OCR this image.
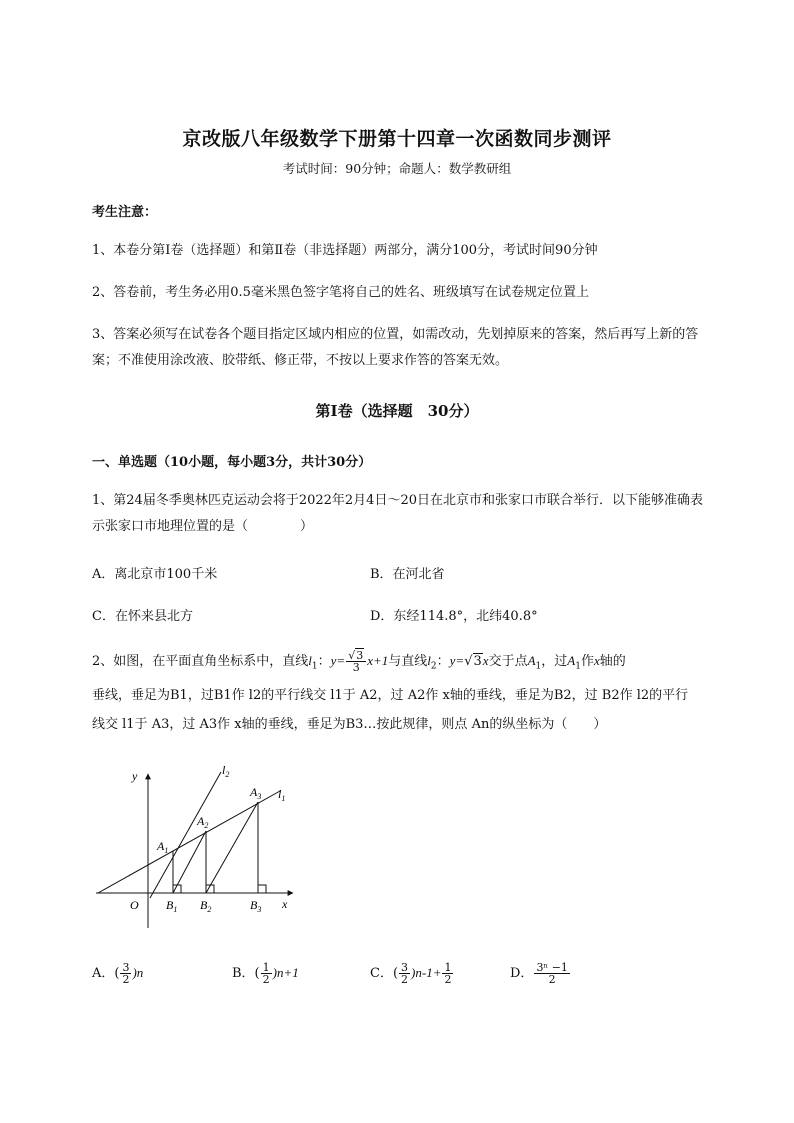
京改版八年级数学下册第十四章一次函数同步测评
考试时间：90分钟；命题人：数学教研组
考生注意：
1、本卷分第I卷（选择题）和第Ⅱ卷（非选择题）两部分，满分100分，考试时间90分钟
2、答卷前，考生务必用0.5毫米黑色签字笔将自己的姓名、班级填写在试卷规定位置上
3、答案必须写在试卷各个题目指定区域内相应的位置，如需改动，先划掉原来的答案，然后再写上新的答案；不准使用涂改液、胶带纸、修正带，不按以上要求作答的答案无效。
第I卷（选择题　30分）
一、单选题（10小题，每小题3分，共计30分）
1、第24届冬季奥林匹克运动会将于2022年2月4日～20日在北京市和张家口市联合举行．以下能够准确表示张家口市地理位置的是（　　　　）
A．离北京市100千米	B．在河北省
C．在怀来县北方	D．东经114.8°，北纬40.8°
2、如图，在平面直角坐标系中，直线$l_1$：$y= \frac{√3}{3} x+1$与直线$l_2$：y=√3x交于点$A_1$，过$A_1$作x轴的
垂线，垂足为B1，过B1作 l2的平行线交 l1于 A2，过 A2作 x轴的垂线，垂足为B2，过 B2作 l2的平行
线交 l1于 A3，过 A3作 x轴的垂线，垂足为B3…按此规律，则点 An的纵坐标为（　　）
y
x
O
$l_2$
$l_1$
$A_1$
$A_2$
$A_3$
$B_1$ $B_2$	$B_3$
A．( $\frac{3}{2} )n$	B．( $\frac{1}{2} )n+1$	C．( $\frac{3}{2} )n-1+ \frac{1}{2}$	D． $\frac{\text{3ⁿ −1}}{2}$
